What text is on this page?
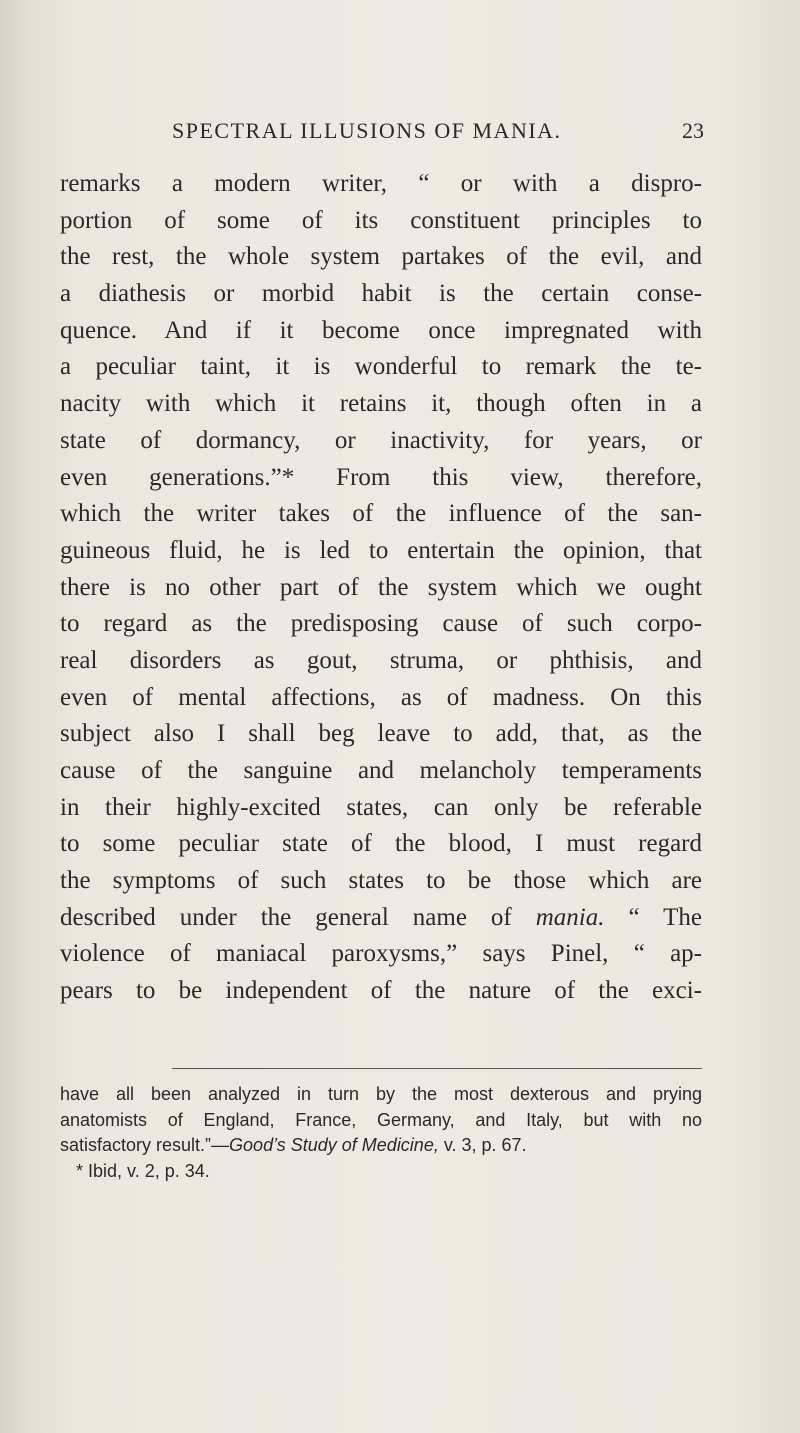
SPECTRAL ILLUSIONS OF MANIA.	23
remarks a modern writer, “ or with a dispro-
portion of some of its constituent principles to
the rest, the whole system partakes of the evil, and
a diathesis or morbid habit is the certain conse-
quence. And if it become once impregnated with
a peculiar taint, it is wonderful to remark the te-
nacity with which it retains it, though often in a
state of dormancy, or inactivity, for years, or
even generations.”* From this view, therefore,
which the writer takes of the influence of the san-
guineous fluid, he is led to entertain the opinion, that
there is no other part of the system which we ought
to regard as the predisposing cause of such corpo-
real disorders as gout, struma, or phthisis, and
even of mental affections, as of madness. On this
subject also I shall beg leave to add, that, as the
cause of the sanguine and melancholy temperaments
in their highly-excited states, can only be referable
to some peculiar state of the blood, I must regard
the symptoms of such states to be those which are
described under the general name of mania. “ The
violence of maniacal paroxysms,” says Pinel, “ ap-
pears to be independent of the nature of the exci-
have all been analyzed in turn by the most dexterous and prying
anatomists of England, France, Germany, and Italy, but with no
satisfactory result.”—Good’s Study of Medicine, v. 3, p. 67.
* Ibid, v. 2, p. 34.
